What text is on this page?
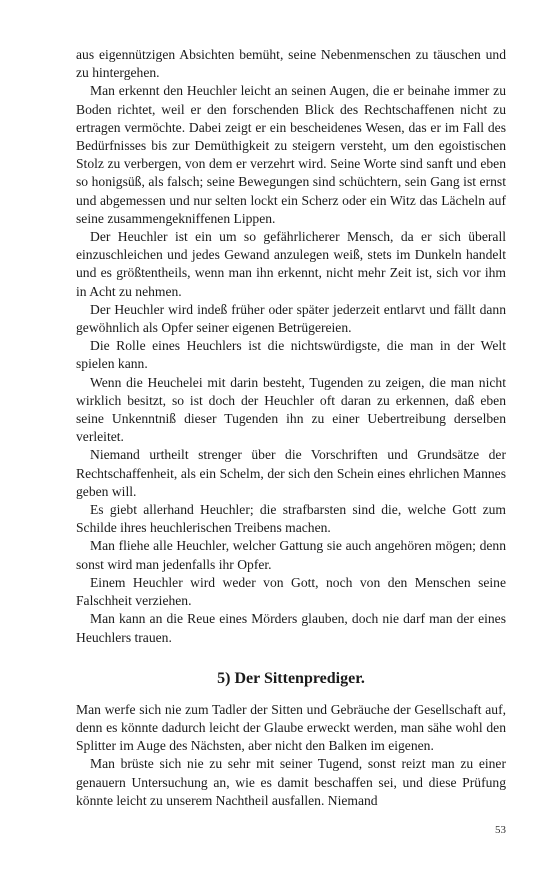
aus eigennützigen Absichten bemüht, seine Nebenmenschen zu täuschen und zu hintergehen.

Man erkennt den Heuchler leicht an seinen Augen, die er beinahe immer zu Boden richtet, weil er den forschenden Blick des Rechtschaffenen nicht zu ertragen vermöchte. Dabei zeigt er ein bescheidenes Wesen, das er im Fall des Bedürfnisses bis zur Demüthigkeit zu steigern versteht, um den egoistischen Stolz zu verbergen, von dem er verzehrt wird. Seine Worte sind sanft und eben so honigsüß, als falsch; seine Bewegungen sind schüchtern, sein Gang ist ernst und abgemessen und nur selten lockt ein Scherz oder ein Witz das Lächeln auf seine zusammengekniffenen Lippen.

Der Heuchler ist ein um so gefährlicherer Mensch, da er sich überall einzuschleichen und jedes Gewand anzulegen weiß, stets im Dunkeln handelt und es größtentheils, wenn man ihn erkennt, nicht mehr Zeit ist, sich vor ihm in Acht zu nehmen.

Der Heuchler wird indeß früher oder später jederzeit entlarvt und fällt dann gewöhnlich als Opfer seiner eigenen Betrügereien.

Die Rolle eines Heuchlers ist die nichtswürdigste, die man in der Welt spielen kann.

Wenn die Heuchelei mit darin besteht, Tugenden zu zeigen, die man nicht wirklich besitzt, so ist doch der Heuchler oft daran zu erkennen, daß eben seine Unkenntniß dieser Tugenden ihn zu einer Uebertreibung derselben verleitet.

Niemand urtheilt strenger über die Vorschriften und Grundsätze der Rechtschaffenheit, als ein Schelm, der sich den Schein eines ehrlichen Mannes geben will.

Es giebt allerhand Heuchler; die strafbarsten sind die, welche Gott zum Schilde ihres heuchlerischen Treibens machen.

Man fliehe alle Heuchler, welcher Gattung sie auch angehören mögen; denn sonst wird man jedenfalls ihr Opfer.

Einem Heuchler wird weder von Gott, noch von den Menschen seine Falschheit verziehen.

Man kann an die Reue eines Mörders glauben, doch nie darf man der eines Heuchlers trauen.

5) Der Sittenprediger.

Man werfe sich nie zum Tadler der Sitten und Gebräuche der Gesellschaft auf, denn es könnte dadurch leicht der Glaube erweckt werden, man sähe wohl den Splitter im Auge des Nächsten, aber nicht den Balken im eigenen.

Man brüste sich nie zu sehr mit seiner Tugend, sonst reizt man zu einer genauern Untersuchung an, wie es damit beschaffen sei, und diese Prüfung könnte leicht zu unserem Nachtheil ausfallen. Niemand

53
